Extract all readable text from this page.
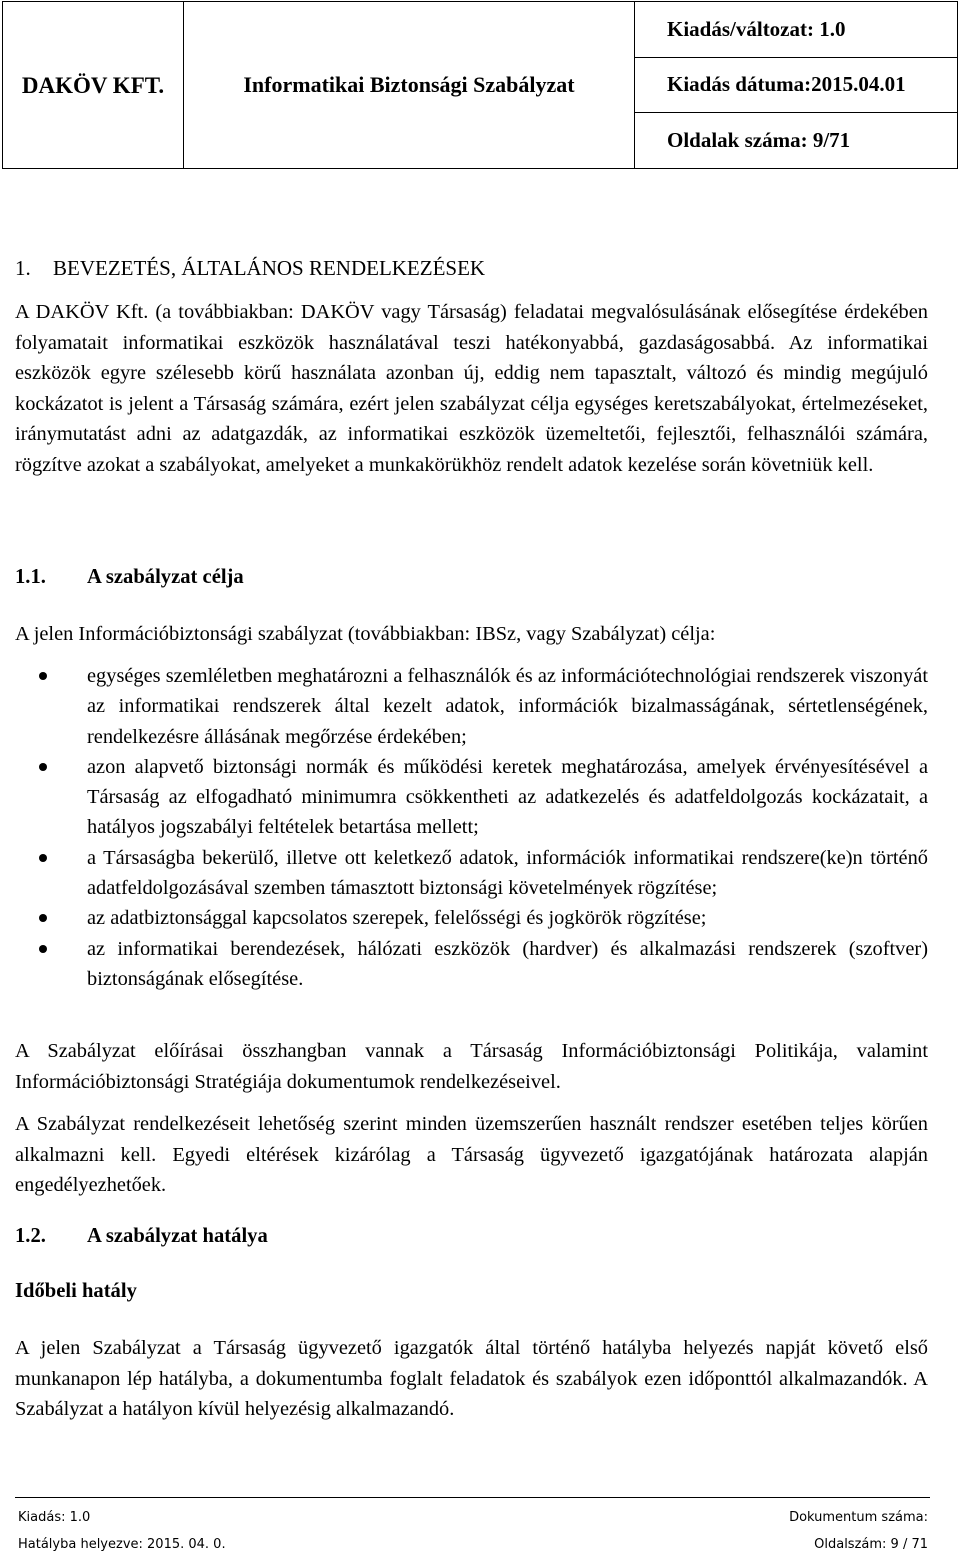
DAKÖV KFT.	Informatikai Biztonsági Szabályzat	Kiadás/változat: 1.0
Kiadás dátuma:2015.04.01
Oldalak száma: 9/71
1. BEVEZETÉS, ÁLTALÁNOS RENDELKEZÉSEK
A DAKÖV Kft. (a továbbiakban: DAKÖV vagy Társaság) feladatai megvalósulásának elősegítése érdekében folyamatait informatikai eszközök használatával teszi hatékonyabbá, gazdaságosabbá. Az informatikai eszközök egyre szélesebb körű használata azonban új, eddig nem tapasztalt, változó és mindig megújuló kockázatot is jelent a Társaság számára, ezért jelen szabályzat célja egységes keretszabályokat, értelmezéseket, iránymutatást adni az adatgazdák, az informatikai eszközök üzemeltetői, fejlesztői, felhasználói számára, rögzítve azokat a szabályokat, amelyeket a munkakörükhöz rendelt adatok kezelése során követniük kell.
1.1. A szabályzat célja
A jelen Információbiztonsági szabályzat (továbbiakban: IBSz, vagy Szabályzat) célja:
egységes szemléletben meghatározni a felhasználók és az információtechnológiai rendszerek viszonyát az informatikai rendszerek által kezelt adatok, információk bizalmasságának, sértetlenségének, rendelkezésre állásának megőrzése érdekében;
azon alapvető biztonsági normák és működési keretek meghatározása, amelyek érvényesítésével a Társaság az elfogadható minimumra csökkentheti az adatkezelés és adatfeldolgozás kockázatait, a hatályos jogszabályi feltételek betartása mellett;
a Társaságba bekerülő, illetve ott keletkező adatok, információk informatikai rendszere(ke)n történő adatfeldolgozásával szemben támasztott biztonsági követelmények rögzítése;
az adatbiztonsággal kapcsolatos szerepek, felelősségi és jogkörök rögzítése;
az informatikai berendezések, hálózati eszközök (hardver) és alkalmazási rendszerek (szoftver) biztonságának elősegítése.
A Szabályzat előírásai összhangban vannak a Társaság Információbiztonsági Politikája, valamint Információbiztonsági Stratégiája dokumentumok rendelkezéseivel.
A Szabályzat rendelkezéseit lehetőség szerint minden üzemszerűen használt rendszer esetében teljes körűen alkalmazni kell. Egyedi eltérések kizárólag a Társaság ügyvezető igazgatójának határozata alapján engedélyezhetőek.
1.2. A szabályzat hatálya
Időbeli hatály
A jelen Szabályzat a Társaság ügyvezető igazgatók által történő hatályba helyezés napját követő első munkanapon lép hatályba, a dokumentumba foglalt feladatok és szabályok ezen időponttól alkalmazandók. A Szabályzat a hatályon kívül helyezésig alkalmazandó.
Kiadás: 1.0	Dokumentum száma:
Hatályba helyezve: 2015. 04. 0.	Oldalszám: 9 / 71
